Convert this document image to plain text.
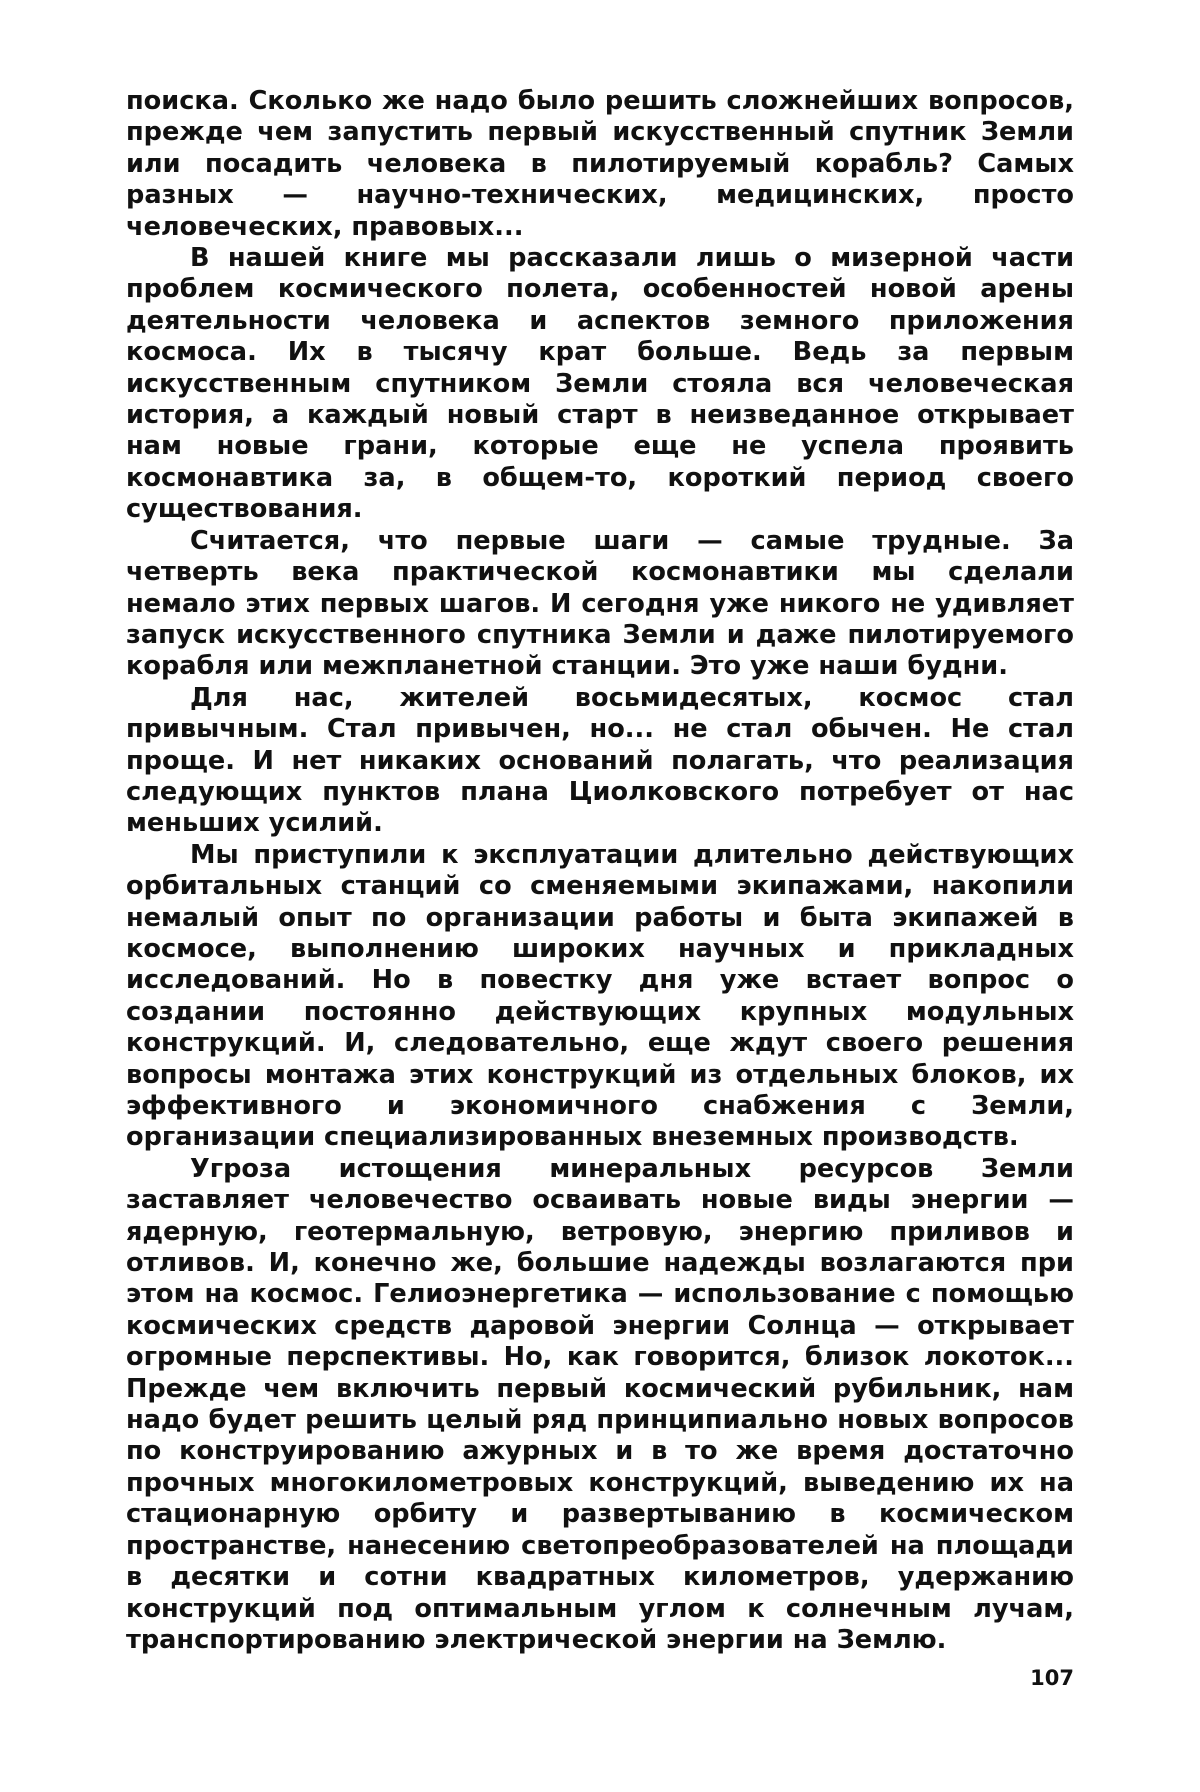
поиска. Сколько же надо было решить сложнейших вопросов, прежде чем запустить первый искусственный спутник Земли или посадить человека в пилотируемый корабль? Самых разных — научно-технических, медицинских, просто человеческих, правовых...

В нашей книге мы рассказали лишь о мизерной части проблем космического полета, особенностей новой арены деятельности человека и аспектов земного приложения космоса. Их в тысячу крат больше. Ведь за первым искусственным спутником Земли стояла вся человеческая история, а каждый новый старт в неизведанное открывает нам новые грани, которые еще не успела проявить космонавтика за, в общем-то, короткий период своего существования.

Считается, что первые шаги — самые трудные. За четверть века практической космонавтики мы сделали немало этих первых шагов. И сегодня уже никого не удивляет запуск искусственного спутника Земли и даже пилотируемого корабля или межпланетной станции. Это уже наши будни.

Для нас, жителей восьмидесятых, космос стал привычным. Стал привычен, но... не стал обычен. Не стал проще. И нет никаких оснований полагать, что реализация следующих пунктов плана Циолковского потребует от нас меньших усилий.

Мы приступили к эксплуатации длительно действующих орбитальных станций со сменяемыми экипажами, накопили немалый опыт по организации работы и быта экипажей в космосе, выполнению широких научных и прикладных исследований. Но в повестку дня уже встает вопрос о создании постоянно действующих крупных модульных конструкций. И, следовательно, еще ждут своего решения вопросы монтажа этих конструкций из отдельных блоков, их эффективного и экономичного снабжения с Земли, организации специализированных внеземных производств.

Угроза истощения минеральных ресурсов Земли заставляет человечество осваивать новые виды энергии — ядерную, геотермальную, ветровую, энергию приливов и отливов. И, конечно же, большие надежды возлагаются при этом на космос. Гелиоэнергетика — использование с помощью космических средств даровой энергии Солнца — открывает огромные перспективы. Но, как говорится, близок локоток... Прежде чем включить первый космический рубильник, нам надо будет решить целый ряд принципиально новых вопросов по конструированию ажурных и в то же время достаточно прочных многокилометровых конструкций, выведению их на стационарную орбиту и развертыванию в космическом пространстве, нанесению светопреобразователей на площади в десятки и сотни квадратных километров, удержанию конструкций под оптимальным углом к солнечным лучам, транспортированию электрической энергии на Землю.

107
